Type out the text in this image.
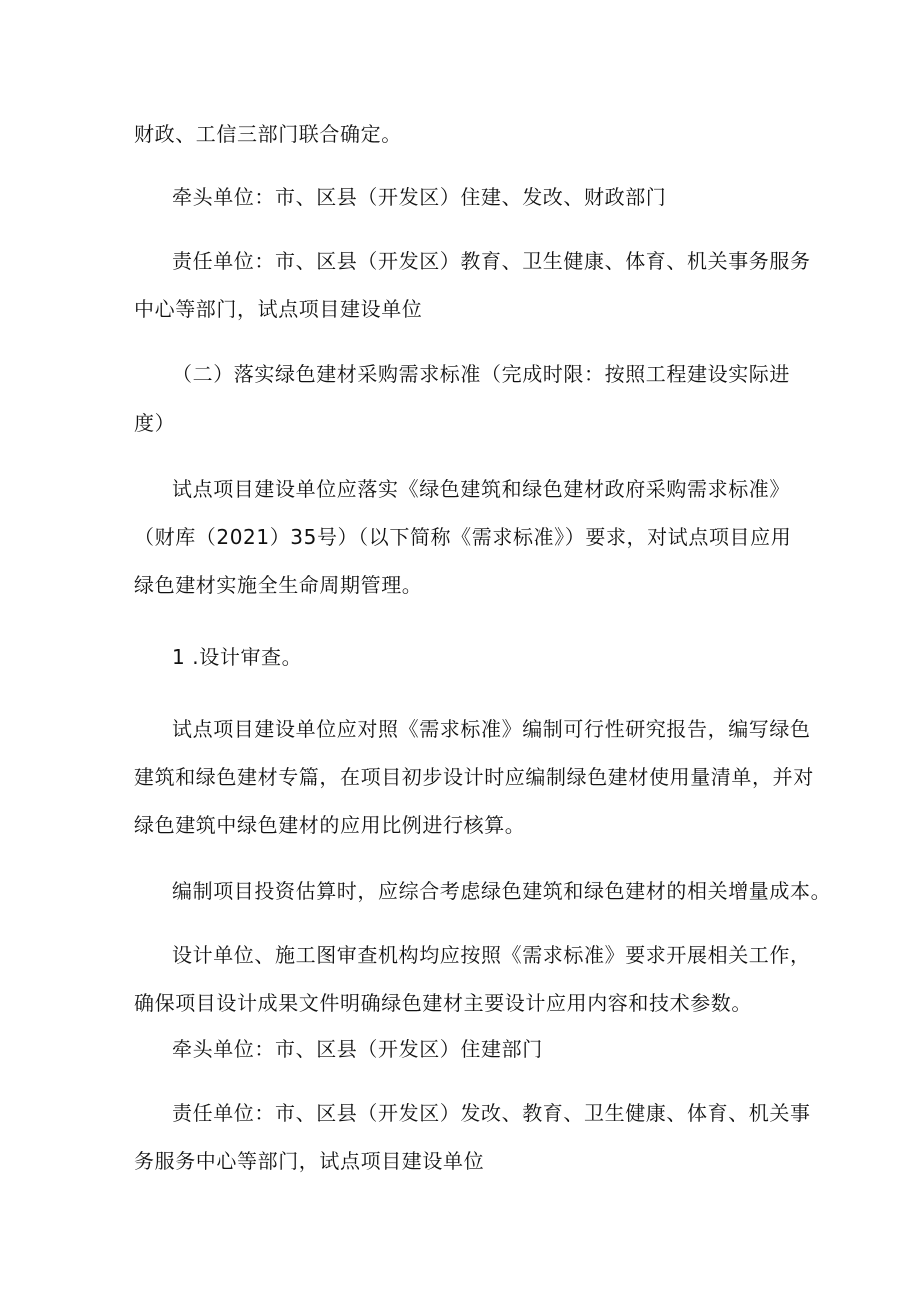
财政、工信三部门联合确定。
牵头单位：市、区县（开发区）住建、发改、财政部门
责任单位：市、区县（开发区）教育、卫生健康、体育、机关事务服务
中心等部门，试点项目建设单位
（二）落实绿色建材采购需求标准（完成时限：按照工程建设实际进
度）
试点项目建设单位应落实《绿色建筑和绿色建材政府采购需求标准》
（财库（2021）35号）（以下简称《需求标准》）要求，对试点项目应用
绿色建材实施全生命周期管理。
1 .设计审查。
试点项目建设单位应对照《需求标准》编制可行性研究报告，编写绿色
建筑和绿色建材专篇，在项目初步设计时应编制绿色建材使用量清单，并对
绿色建筑中绿色建材的应用比例进行核算。
编制项目投资估算时，应综合考虑绿色建筑和绿色建材的相关增量成本。
设计单位、施工图审查机构均应按照《需求标准》要求开展相关工作，
确保项目设计成果文件明确绿色建材主要设计应用内容和技术参数。
牵头单位：市、区县（开发区）住建部门
责任单位：市、区县（开发区）发改、教育、卫生健康、体育、机关事
务服务中心等部门，试点项目建设单位
